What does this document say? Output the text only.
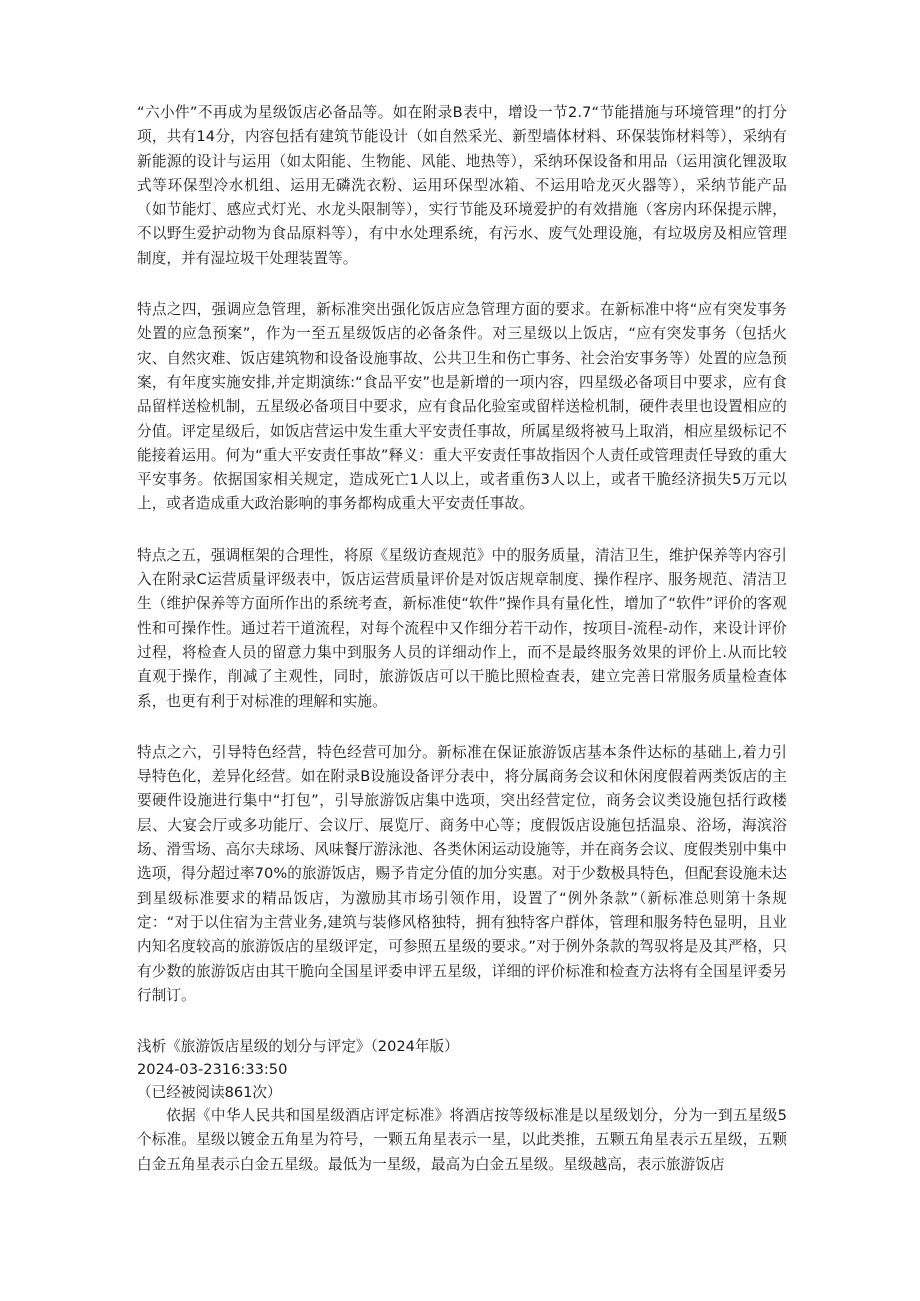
“六小件”不再成为星级饭店必备品等。如在附录B表中，增设一节2.7“节能措施与环境管理”的打分项，共有14分，内容包括有建筑节能设计（如自然采光、新型墙体材料、环保装饰材料等），采纳有新能源的设计与运用（如太阳能、生物能、风能、地热等），采纳环保设备和用品（运用演化锂汲取式等环保型冷水机组、运用无磷洗衣粉、运用环保型冰箱、不运用哈龙灭火器等），采纳节能产品（如节能灯、感应式灯光、水龙头限制等），实行节能及环境爱护的有效措施（客房内环保提示牌，不以野生爱护动物为食品原料等），有中水处理系统，有污水、废气处理设施，有垃圾房及相应管理制度，并有湿垃圾干处理装置等。

特点之四，强调应急管理，新标准突出强化饭店应急管理方面的要求。在新标准中将“应有突发事务处置的应急预案”，作为一至五星级饭店的必备条件。对三星级以上饭店，“应有突发事务（包括火灾、自然灾难、饭店建筑物和设备设施事故、公共卫生和伤亡事务、社会治安事务等）处置的应急预案，有年度实施安排,并定期演练:“食品平安”也是新增的一项内容，四星级必备项目中要求，应有食品留样送检机制，五星级必备项目中要求，应有食品化验室或留样送检机制，硬件表里也设置相应的分值。评定星级后，如饭店营运中发生重大平安责任事故，所属星级将被马上取消，相应星级标记不能接着运用。何为“重大平安责任事故”释义：重大平安责任事故指因个人责任或管理责任导致的重大平安事务。依据国家相关规定，造成死亡1人以上，或者重伤3人以上，或者干脆经济损失5万元以上，或者造成重大政治影响的事务都构成重大平安责任事故。

特点之五，强调框架的合理性，将原《星级访查规范》中的服务质量，清洁卫生，维护保养等内容引入在附录C运营质量评级表中，饭店运营质量评价是对饭店规章制度、操作程序、服务规范、清洁卫生（维护保养等方面所作出的系统考查，新标准使“软件”操作具有量化性，增加了“软件”评价的客观性和可操作性。通过若干道流程，对每个流程中又作细分若干动作，按项目-流程-动作，来设计评价过程，将检查人员的留意力集中到服务人员的详细动作上，而不是最终服务效果的评价上.从而比较直观于操作，削减了主观性，同时，旅游饭店可以干脆比照检查表，建立完善日常服务质量检查体系，也更有利于对标准的理解和实施。

特点之六，引导特色经营，特色经营可加分。新标准在保证旅游饭店基本条件达标的基础上,着力引导特色化，差异化经营。如在附录B设施设备评分表中，将分属商务会议和休闲度假着两类饭店的主要硬件设施进行集中“打包”，引导旅游饭店集中选项，突出经营定位，商务会议类设施包括行政楼层、大宴会厅或多功能厅、会议厅、展览厅、商务中心等；度假饭店设施包括温泉、浴场，海滨浴场、滑雪场、高尔夫球场、风味餐厅游泳池、各类休闲运动设施等，并在商务会议、度假类别中集中选项，得分超过率70%的旅游饭店，赐予肯定分值的加分实惠。对于少数极具特色，但配套设施未达到星级标准要求的精品饭店，为激励其市场引领作用，设置了“例外条款”（新标准总则第十条规定：“对于以住宿为主营业务,建筑与装修风格独特，拥有独特客户群体，管理和服务特色显明，且业内知名度较高的旅游饭店的星级评定，可参照五星级的要求。”对于例外条款的驾驭将是及其严格，只有少数的旅游饭店由其干脆向全国星评委申评五星级，详细的评价标准和检查方法将有全国星评委另行制订。

浅析《旅游饭店星级的划分与评定》（2024年版）

2024-03-2316:33:50

（已经被阅读861次）

依据《中华人民共和国星级酒店评定标准》将酒店按等级标准是以星级划分，分为一到五星级5个标准。星级以镀金五角星为符号，一颗五角星表示一星，以此类推，五颗五角星表示五星级，五颗白金五角星表示白金五星级。最低为一星级，最高为白金五星级。星级越高，表示旅游饭店
